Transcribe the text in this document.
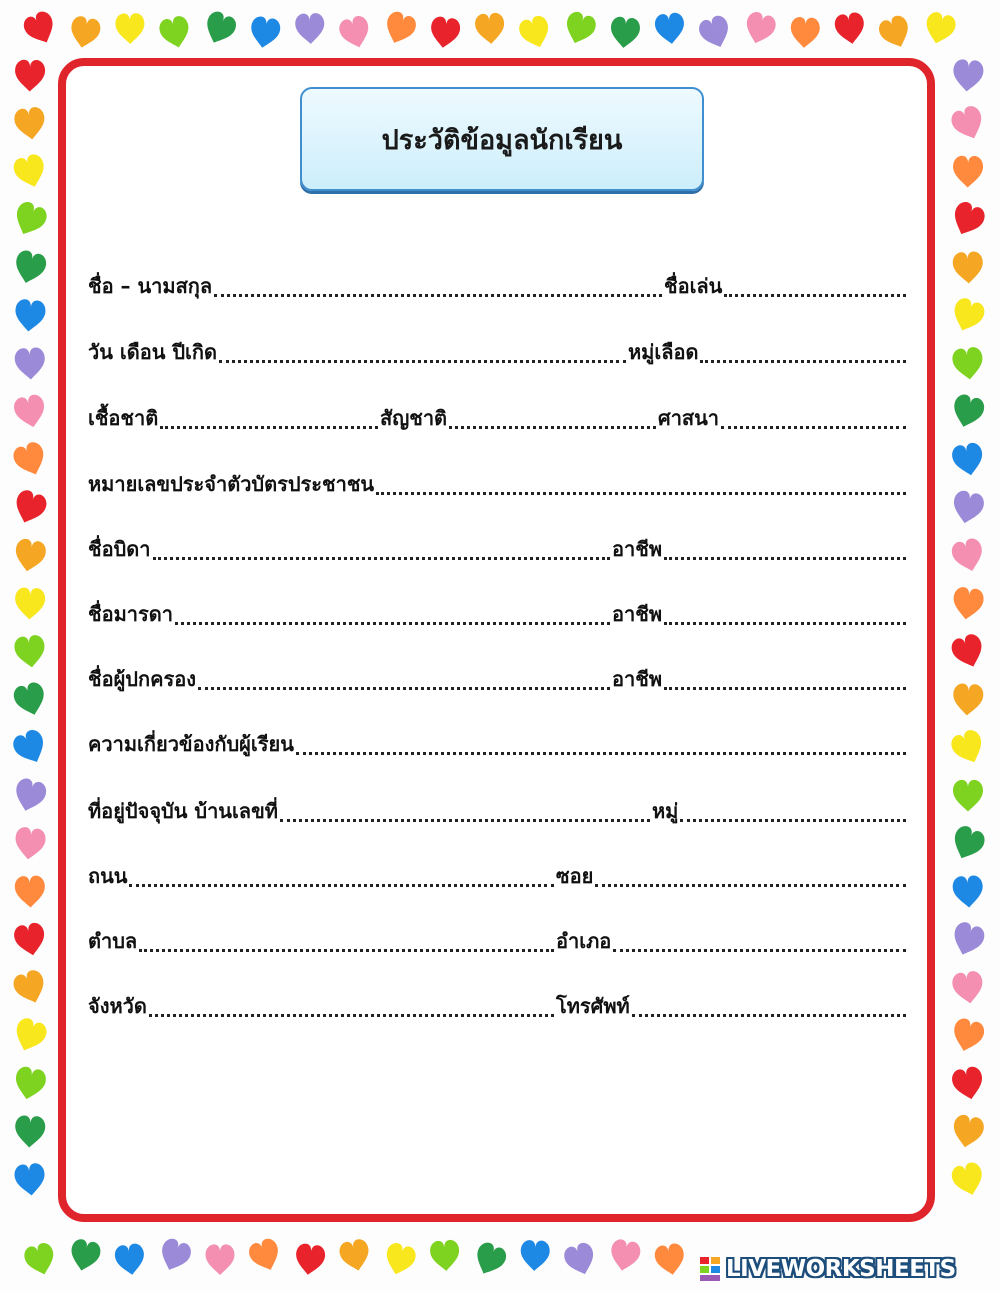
ประวัติข้อมูลนักเรียน
ชื่อ – นามสกุล	ชื่อเล่น
วัน เดือน ปีเกิด	หมู่เลือด
เชื้อชาติ	สัญชาติ	ศาสนา
หมายเลขประจำตัวบัตรประชาชน
ชื่อบิดา	อาชีพ
ชื่อมารดา	อาชีพ
ชื่อผู้ปกครอง	อาชีพ
ความเกี่ยวข้องกับผู้เรียน
ที่อยู่ปัจจุบัน บ้านเลขที่	หมู่
ถนน	ซอย
ตำบล	อำเภอ
จังหวัด	โทรศัพท์
LIVEWORKSHEETS
